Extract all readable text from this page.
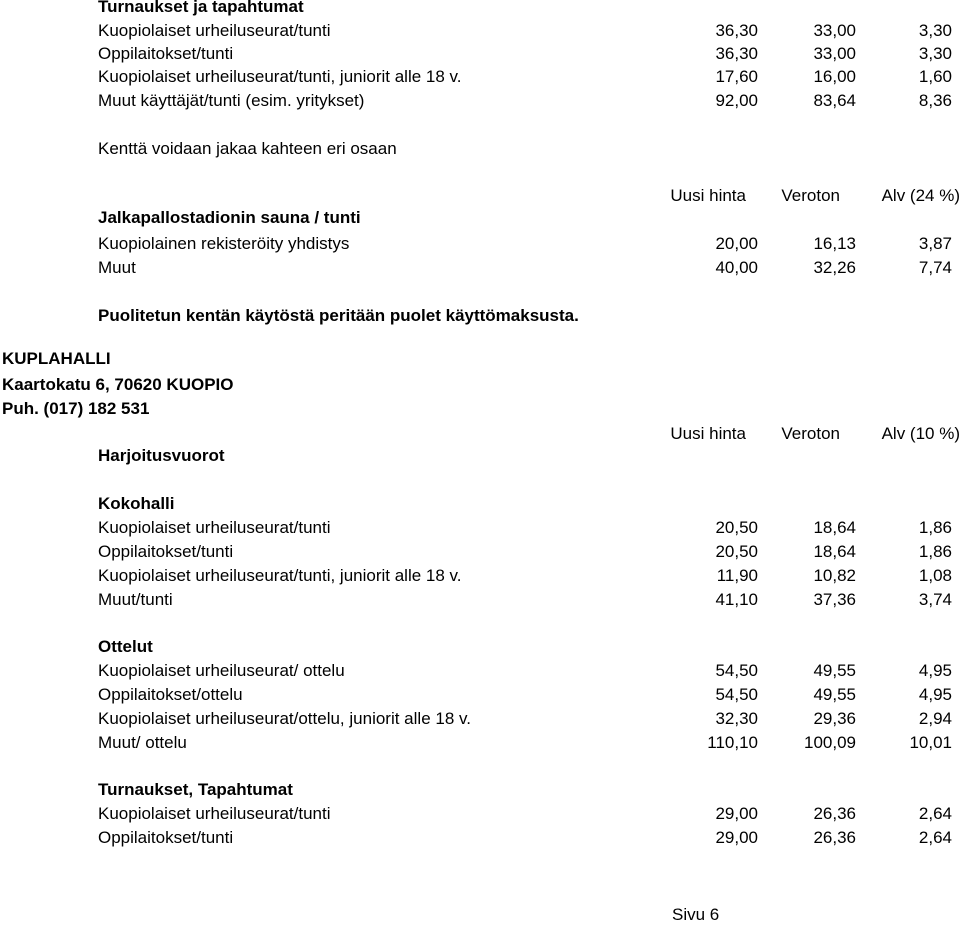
Turnaukset ja tapahtumat
Kuopiolaiset urheiluseurat/tunti	36,30	33,00	3,30
Oppilaitokset/tunti	36,30	33,00	3,30
Kuopiolaiset urheiluseurat/tunti, juniorit alle 18 v.	17,60	16,00	1,60
Muut käyttäjät/tunti (esim. yritykset)	92,00	83,64	8,36
Kenttä voidaan jakaa kahteen eri osaan
Uusi hinta	Veroton	Alv (24 %)
Jalkapallostadionin sauna / tunti
Kuopiolainen rekisteröity yhdistys	20,00	16,13	3,87
Muut	40,00	32,26	7,74
Puolitetun kentän käytöstä peritään puolet käyttömaksusta.
KUPLAHALLI
Kaartokatu 6, 70620 KUOPIO
Puh. (017) 182 531
Uusi hinta	Veroton	Alv (10 %)
Harjoitusvuorot
Kokohalli
Kuopiolaiset urheiluseurat/tunti	20,50	18,64	1,86
Oppilaitokset/tunti	20,50	18,64	1,86
Kuopiolaiset urheiluseurat/tunti, juniorit alle 18 v.	11,90	10,82	1,08
Muut/tunti	41,10	37,36	3,74
Ottelut
Kuopiolaiset urheiluseurat/ ottelu	54,50	49,55	4,95
Oppilaitokset/ottelu	54,50	49,55	4,95
Kuopiolaiset urheiluseurat/ottelu, juniorit alle 18 v.	32,30	29,36	2,94
Muut/ ottelu	110,10	100,09	10,01
Turnaukset, Tapahtumat
Kuopiolaiset urheiluseurat/tunti	29,00	26,36	2,64
Oppilaitokset/tunti	29,00	26,36	2,64
Sivu 6
